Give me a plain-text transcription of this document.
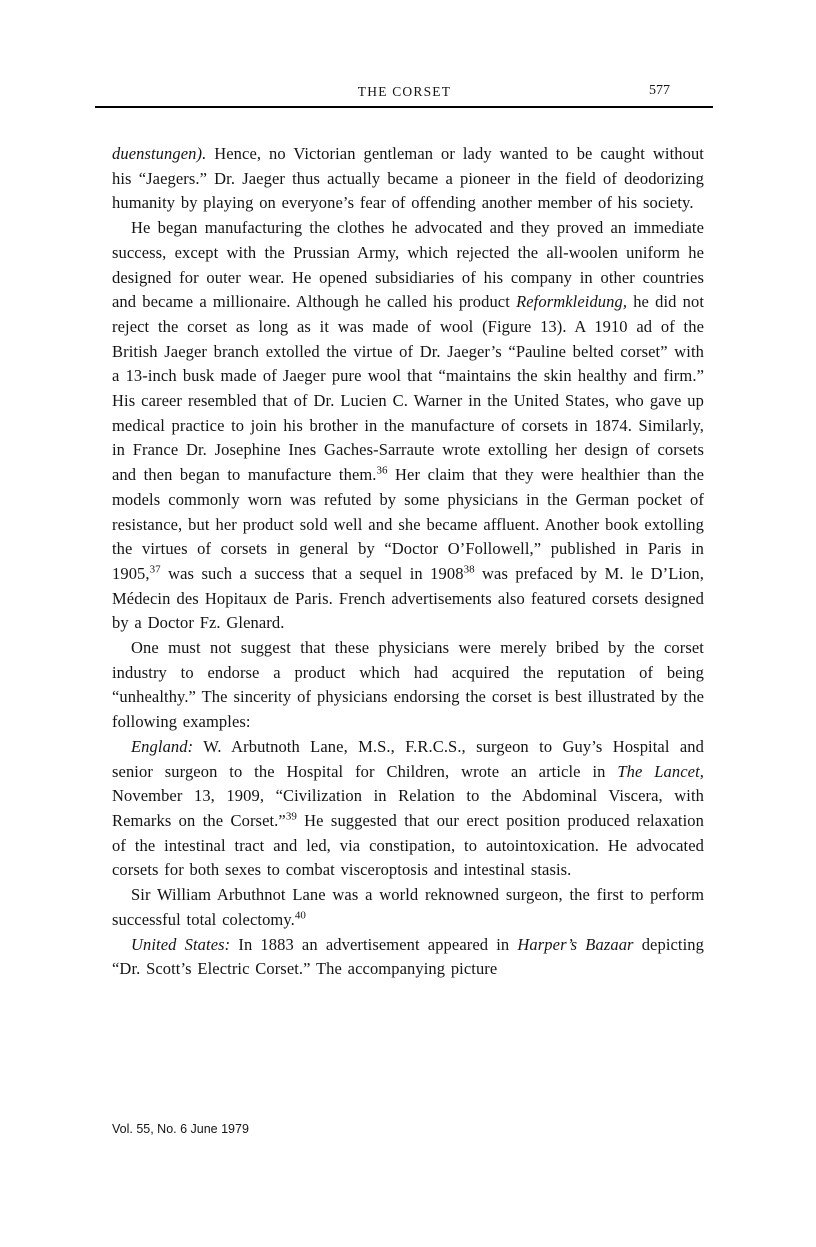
THE CORSET	577

duenstungen). Hence, no Victorian gentleman or lady wanted to be caught without his “Jaegers.” Dr. Jaeger thus actually became a pioneer in the field of deodorizing humanity by playing on everyone’s fear of offending another member of his society.

He began manufacturing the clothes he advocated and they proved an immediate success, except with the Prussian Army, which rejected the all-woolen uniform he designed for outer wear. He opened subsidiaries of his company in other countries and became a millionaire. Although he called his product Reformkleidung, he did not reject the corset as long as it was made of wool (Figure 13). A 1910 ad of the British Jaeger branch extolled the virtue of Dr. Jaeger’s “Pauline belted corset” with a 13-inch busk made of Jaeger pure wool that “maintains the skin healthy and firm.” His career resembled that of Dr. Lucien C. Warner in the United States, who gave up medical practice to join his brother in the manufacture of corsets in 1874. Similarly, in France Dr. Josephine Ines Gaches-Sarraute wrote extolling her design of corsets and then began to manufacture them.$^{36}$ Her claim that they were healthier than the models commonly worn was refuted by some physicians in the German pocket of resistance, but her product sold well and she became affluent. Another book extolling the virtues of corsets in general by “Doctor O’Followell,” published in Paris in 1905,37 was such a success that a sequel in 1908$^{38}$ was prefaced by M. le D’Lion, Médecin des Hopitaux de Paris. French advertisements also featured corsets designed by a Doctor Fz. Glenard.

One must not suggest that these physicians were merely bribed by the corset industry to endorse a product which had acquired the reputation of being “unhealthy.” The sincerity of physicians endorsing the corset is best illustrated by the following examples:

England: W. Arbutnoth Lane, M.S., F.R.C.S., surgeon to Guy’s Hospital and senior surgeon to the Hospital for Children, wrote an article in The Lancet, November 13, 1909, “Civilization in Relation to the Abdominal Viscera, with Remarks on the Corset.”$^{39}$ He suggested that our erect position produced relaxation of the intestinal tract and led, via constipation, to autointoxication. He advocated corsets for both sexes to combat visceroptosis and intestinal stasis.

Sir William Arbuthnot Lane was a world reknowned surgeon, the first to perform successful total colectomy.$^{40}$

United States: In 1883 an advertisement appeared in Harper’s Bazaar depicting “Dr. Scott’s Electric Corset.” The accompanying picture

Vol. 55, No. 6 June 1979
